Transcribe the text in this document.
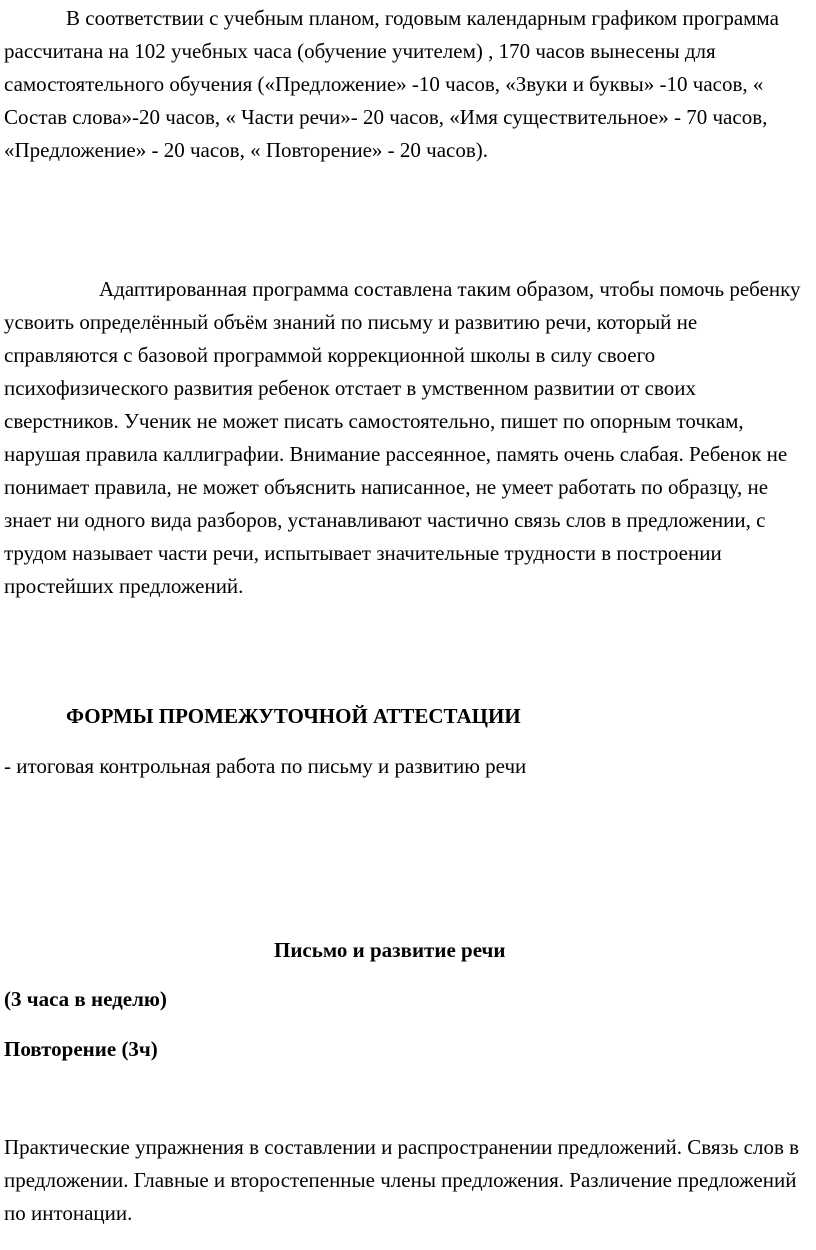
В соответствии с учебным планом, годовым календарным графиком программа рассчитана на 102 учебных часа (обучение учителем) , 170 часов вынесены для самостоятельного обучения («Предложение» -10 часов, «Звуки и буквы» -10 часов, « Состав слова»-20 часов, « Части речи»- 20 часов, «Имя существительное» - 70 часов, «Предложение» - 20 часов, « Повторение» - 20 часов).

Адаптированная программа составлена таким образом, чтобы помочь ребенку усвоить определённый объём знаний по письму и развитию речи, который не справляются с базовой программой коррекционной школы в силу своего психофизического развития ребенок отстает в умственном развитии от своих сверстников. Ученик не может писать самостоятельно, пишет по опорным точкам, нарушая правила каллиграфии. Внимание рассеянное, память очень слабая. Ребенок не понимает правила, не может объяснить написанное, не умеет работать по образцу, не знает ни одного вида разборов, устанавливают частично связь слов в предложении, с трудом называет части речи, испытывает значительные трудности в построении простейших предложений.

ФОРМЫ ПРОМЕЖУТОЧНОЙ АТТЕСТАЦИИ

- итоговая контрольная работа по письму и развитию речи

Письмо и развитие речи

(3 часа в неделю)

Повторение (3ч)

Практические упражнения в составлении и распространении предложений. Связь слов в предложении. Главные и второстепенные члены предложения. Различение предложений по интонации.
